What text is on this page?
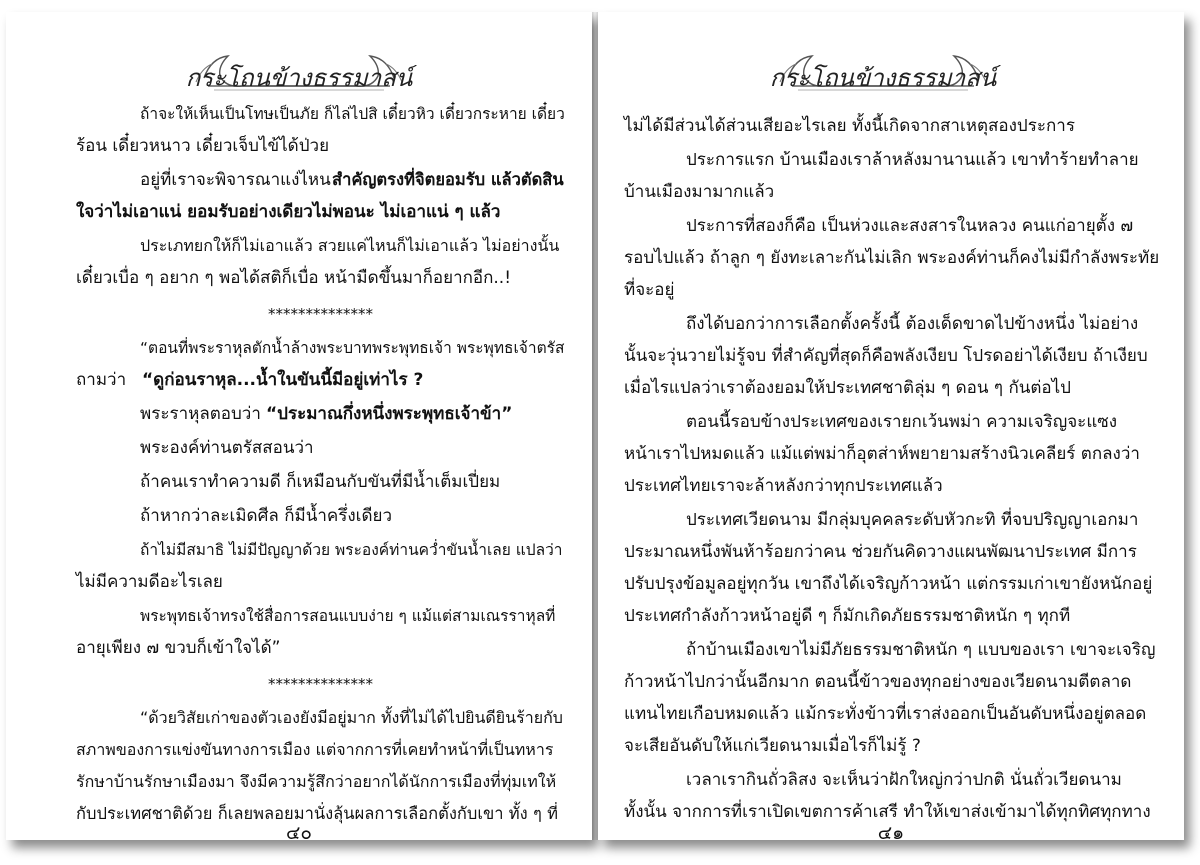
กระโถนข้างธรรมาสน์
ถ้าจะให้เห็นเป็นโทษเป็นภัย ก็ไล่ไปสิ เดี๋ยวหิว เดี๋ยวกระหาย เดี๋ยว
ร้อน เดี๋ยวหนาว เดี๋ยวเจ็บไข้ได้ป่วย
อยู่ที่เราจะพิจารณาแง่ไหน สำคัญตรงที่จิตยอมรับ แล้วตัดสิน
ใจว่าไม่เอาแน่ ยอมรับอย่างเดียวไม่พอนะ ไม่เอาแน่ ๆ แล้ว
ประเภทยกให้ก็ไม่เอาแล้ว สวยแค่ไหนก็ไม่เอาแล้ว ไม่อย่างนั้น
เดี๋ยวเบื่อ ๆ อยาก ๆ พอได้สติก็เบื่อ หน้ามืดขึ้นมาก็อยากอีก..!
**************
“ตอนที่พระราหุลตักน้ำล้างพระบาทพระพุทธเจ้า พระพุทธเจ้าตรัส
ถามว่า “ดูก่อนราหุล...น้ำในขันนี้มีอยู่เท่าไร ?
พระราหุลตอบว่า “ประมาณกึ่งหนึ่งพระพุทธเจ้าข้า”
พระองค์ท่านตรัสสอนว่า
ถ้าคนเราทำความดี ก็เหมือนกับขันที่มีน้ำเต็มเปี่ยม
ถ้าหากว่าละเมิดศีล ก็มีน้ำครึ่งเดียว
ถ้าไม่มีสมาธิ ไม่มีปัญญาด้วย พระองค์ท่านคว่ำขันน้ำเลย แปลว่า
ไม่มีความดีอะไรเลย
พระพุทธเจ้าทรงใช้สื่อการสอนแบบง่าย ๆ แม้แต่สามเณรราหุลที่
อายุเพียง ๗ ขวบก็เข้าใจได้”
**************
“ด้วยวิสัยเก่าของตัวเองยังมีอยู่มาก ทั้งที่ไม่ได้ไปยินดียินร้ายกับ
สภาพของการแข่งขันทางการเมือง แต่จากการที่เคยทำหน้าที่เป็นทหาร
รักษาบ้านรักษาเมืองมา จึงมีความรู้สึกว่าอยากได้นักการเมืองที่ทุ่มเทให้
กับประเทศชาติด้วย ก็เลยพลอยมานั่งลุ้นผลการเลือกตั้งกับเขา ทั้ง ๆ ที่
๔๐
กระโถนข้างธรรมาสน์
ไม่ได้มีส่วนได้ส่วนเสียอะไรเลย ทั้งนี้เกิดจากสาเหตุสองประการ
ประการแรก บ้านเมืองเราล้าหลังมานานแล้ว เขาทำร้ายทำลาย
บ้านเมืองมามากแล้ว
ประการที่สองก็คือ เป็นห่วงและสงสารในหลวง คนแก่อายุตั้ง ๗
รอบไปแล้ว ถ้าลูก ๆ ยังทะเลาะกันไม่เลิก พระองค์ท่านก็คงไม่มีกำลังพระทัย
ที่จะอยู่
ถึงได้บอกว่าการเลือกตั้งครั้งนี้ ต้องเด็ดขาดไปข้างหนึ่ง ไม่อย่าง
นั้นจะวุ่นวายไม่รู้จบ ที่สำคัญที่สุดก็คือพลังเงียบ โปรดอย่าได้เงียบ ถ้าเงียบ
เมื่อไรแปลว่าเราต้องยอมให้ประเทศชาติลุ่ม ๆ ดอน ๆ กันต่อไป
ตอนนี้รอบข้างประเทศของเรายกเว้นพม่า ความเจริญจะแซง
หน้าเราไปหมดแล้ว แม้แต่พม่าก็อุตส่าห์พยายามสร้างนิวเคลียร์ ตกลงว่า
ประเทศไทยเราจะล้าหลังกว่าทุกประเทศแล้ว
ประเทศเวียดนาม มีกลุ่มบุคคลระดับหัวกะทิ ที่จบปริญญาเอกมา
ประมาณหนึ่งพันห้าร้อยกว่าคน ช่วยกันคิดวางแผนพัฒนาประเทศ มีการ
ปรับปรุงข้อมูลอยู่ทุกวัน เขาถึงได้เจริญก้าวหน้า แต่กรรมเก่าเขายังหนักอยู่
ประเทศกำลังก้าวหน้าอยู่ดี ๆ ก็มักเกิดภัยธรรมชาติหนัก ๆ ทุกที
ถ้าบ้านเมืองเขาไม่มีภัยธรรมชาติหนัก ๆ แบบของเรา เขาจะเจริญ
ก้าวหน้าไปกว่านั้นอีกมาก ตอนนี้ข้าวของทุกอย่างของเวียดนามตีตลาด
แทนไทยเกือบหมดแล้ว แม้กระทั่งข้าวที่เราส่งออกเป็นอันดับหนึ่งอยู่ตลอด
จะเสียอันดับให้แก่เวียดนามเมื่อไรก็ไม่รู้ ?
เวลาเรากินถั่วลิสง จะเห็นว่าฝักใหญ่กว่าปกติ นั่นถั่วเวียดนาม
ทั้งนั้น จากการที่เราเปิดเขตการค้าเสรี ทำให้เขาส่งเข้ามาได้ทุกทิศทุกทาง
๔๑
